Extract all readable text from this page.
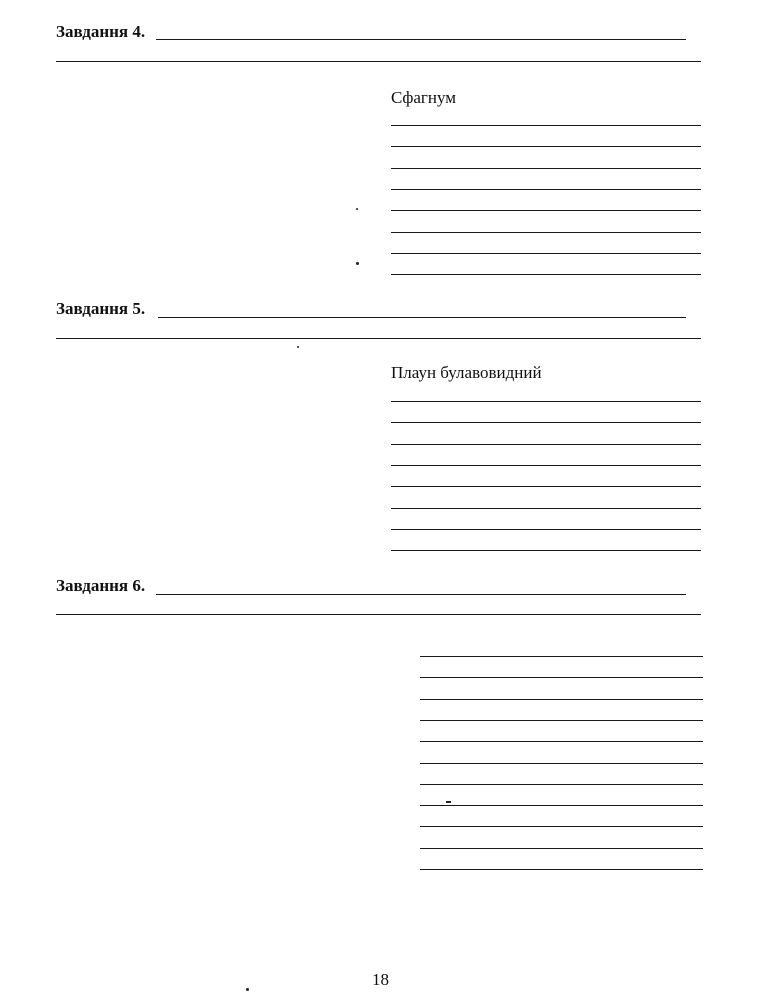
Завдання 4.
Сфагнум
Завдання 5.
Плаун булавовидний
Завдання 6.
18
